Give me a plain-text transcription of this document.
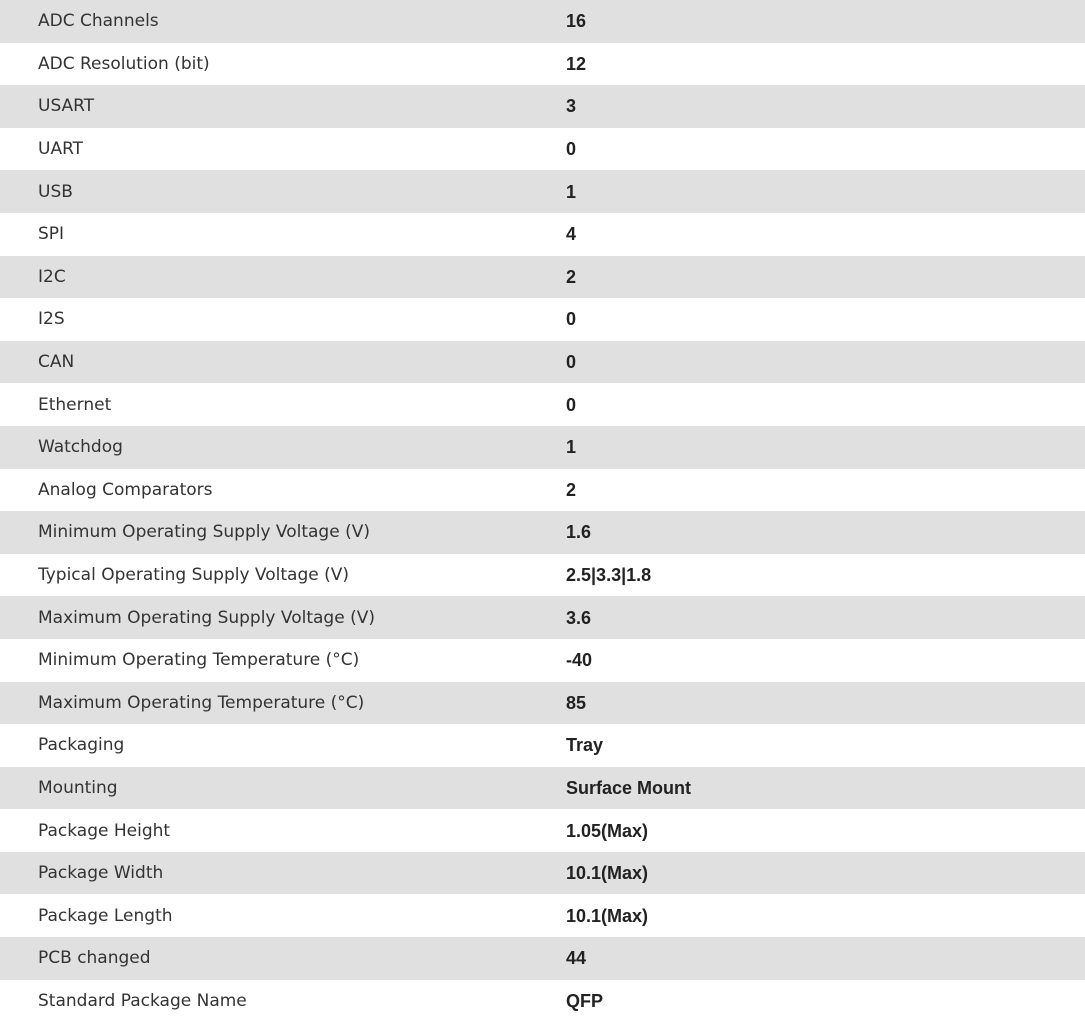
ADC Channels	16
ADC Resolution (bit)	12
USART	3
UART	0
USB	1
SPI	4
I2C	2
I2S	0
CAN	0
Ethernet	0
Watchdog	1
Analog Comparators	2
Minimum Operating Supply Voltage (V)	1.6
Typical Operating Supply Voltage (V)	2.5|3.3|1.8
Maximum Operating Supply Voltage (V)	3.6
Minimum Operating Temperature (°C)	-40
Maximum Operating Temperature (°C)	85
Packaging	Tray
Mounting	Surface Mount
Package Height	1.05(Max)
Package Width	10.1(Max)
Package Length	10.1(Max)
PCB changed	44
Standard Package Name	QFP
